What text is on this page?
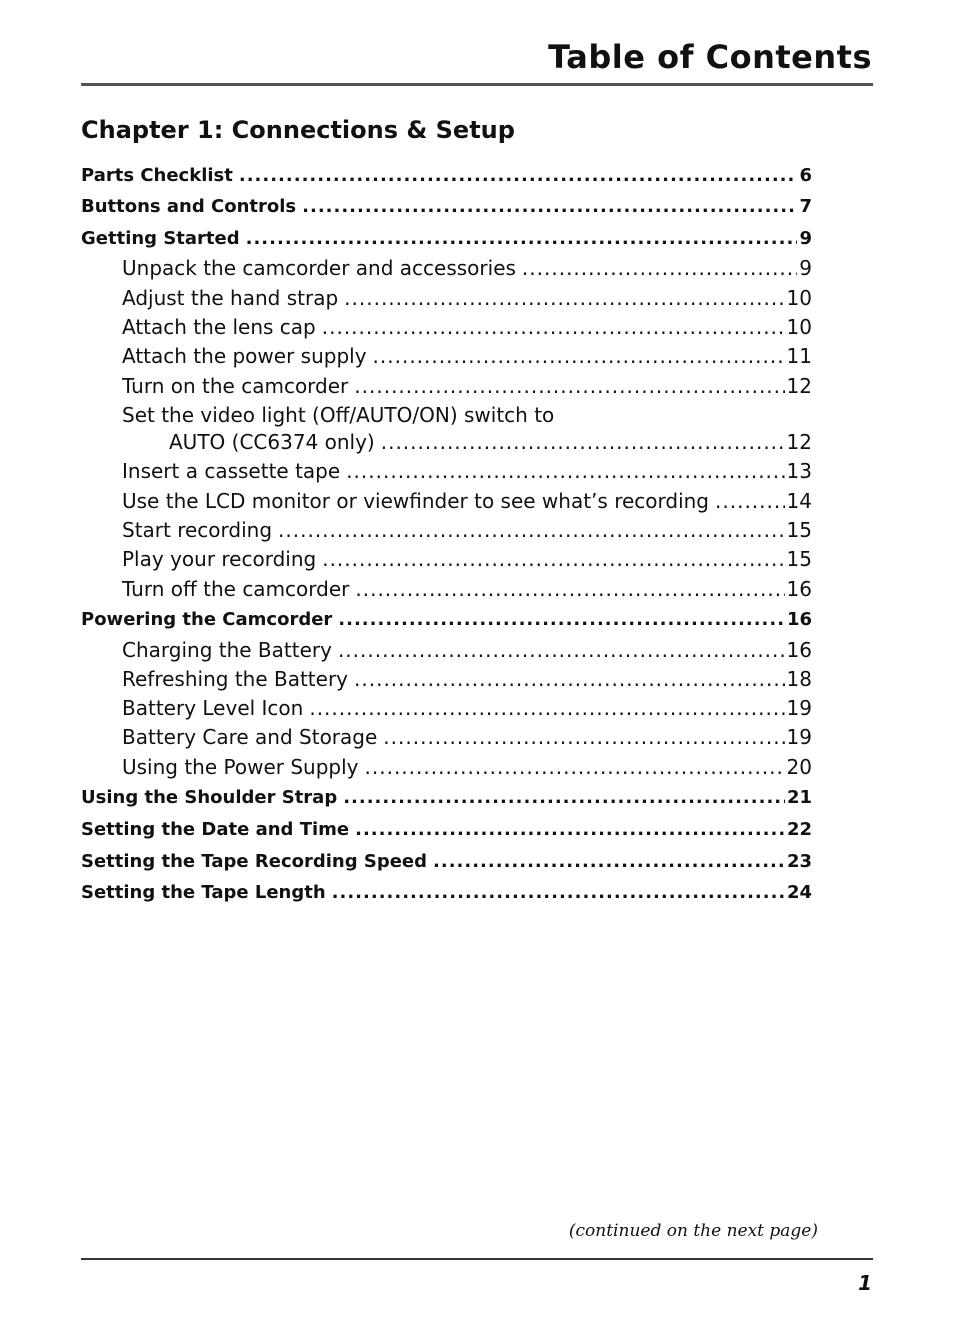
Table of Contents
Chapter 1: Connections & Setup
Parts Checklist .....	6
Buttons and Controls .....	7
Getting Started .....	9
Unpack the camcorder and accessories .....	9
Adjust the hand strap .....	10
Attach the lens cap .....	10
Attach the power supply .....	11
Turn on the camcorder .....	12
Set the video light (Off/AUTO/ON) switch to
AUTO (CC6374 only) .....	12
Insert a cassette tape .....	13
Use the LCD monitor or viewfinder to see what’s recording .....	14
Start recording .....	15
Play your recording .....	15
Turn off the camcorder .....	16
Powering the Camcorder .....	16
Charging the Battery .....	16
Refreshing the Battery .....	18
Battery Level Icon .....	19
Battery Care and Storage .....	19
Using the Power Supply .....	20
Using the Shoulder Strap .....	21
Setting the Date and Time .....	22
Setting the Tape Recording Speed .....	23
Setting the Tape Length .....	24
(continued on the next page)
1
